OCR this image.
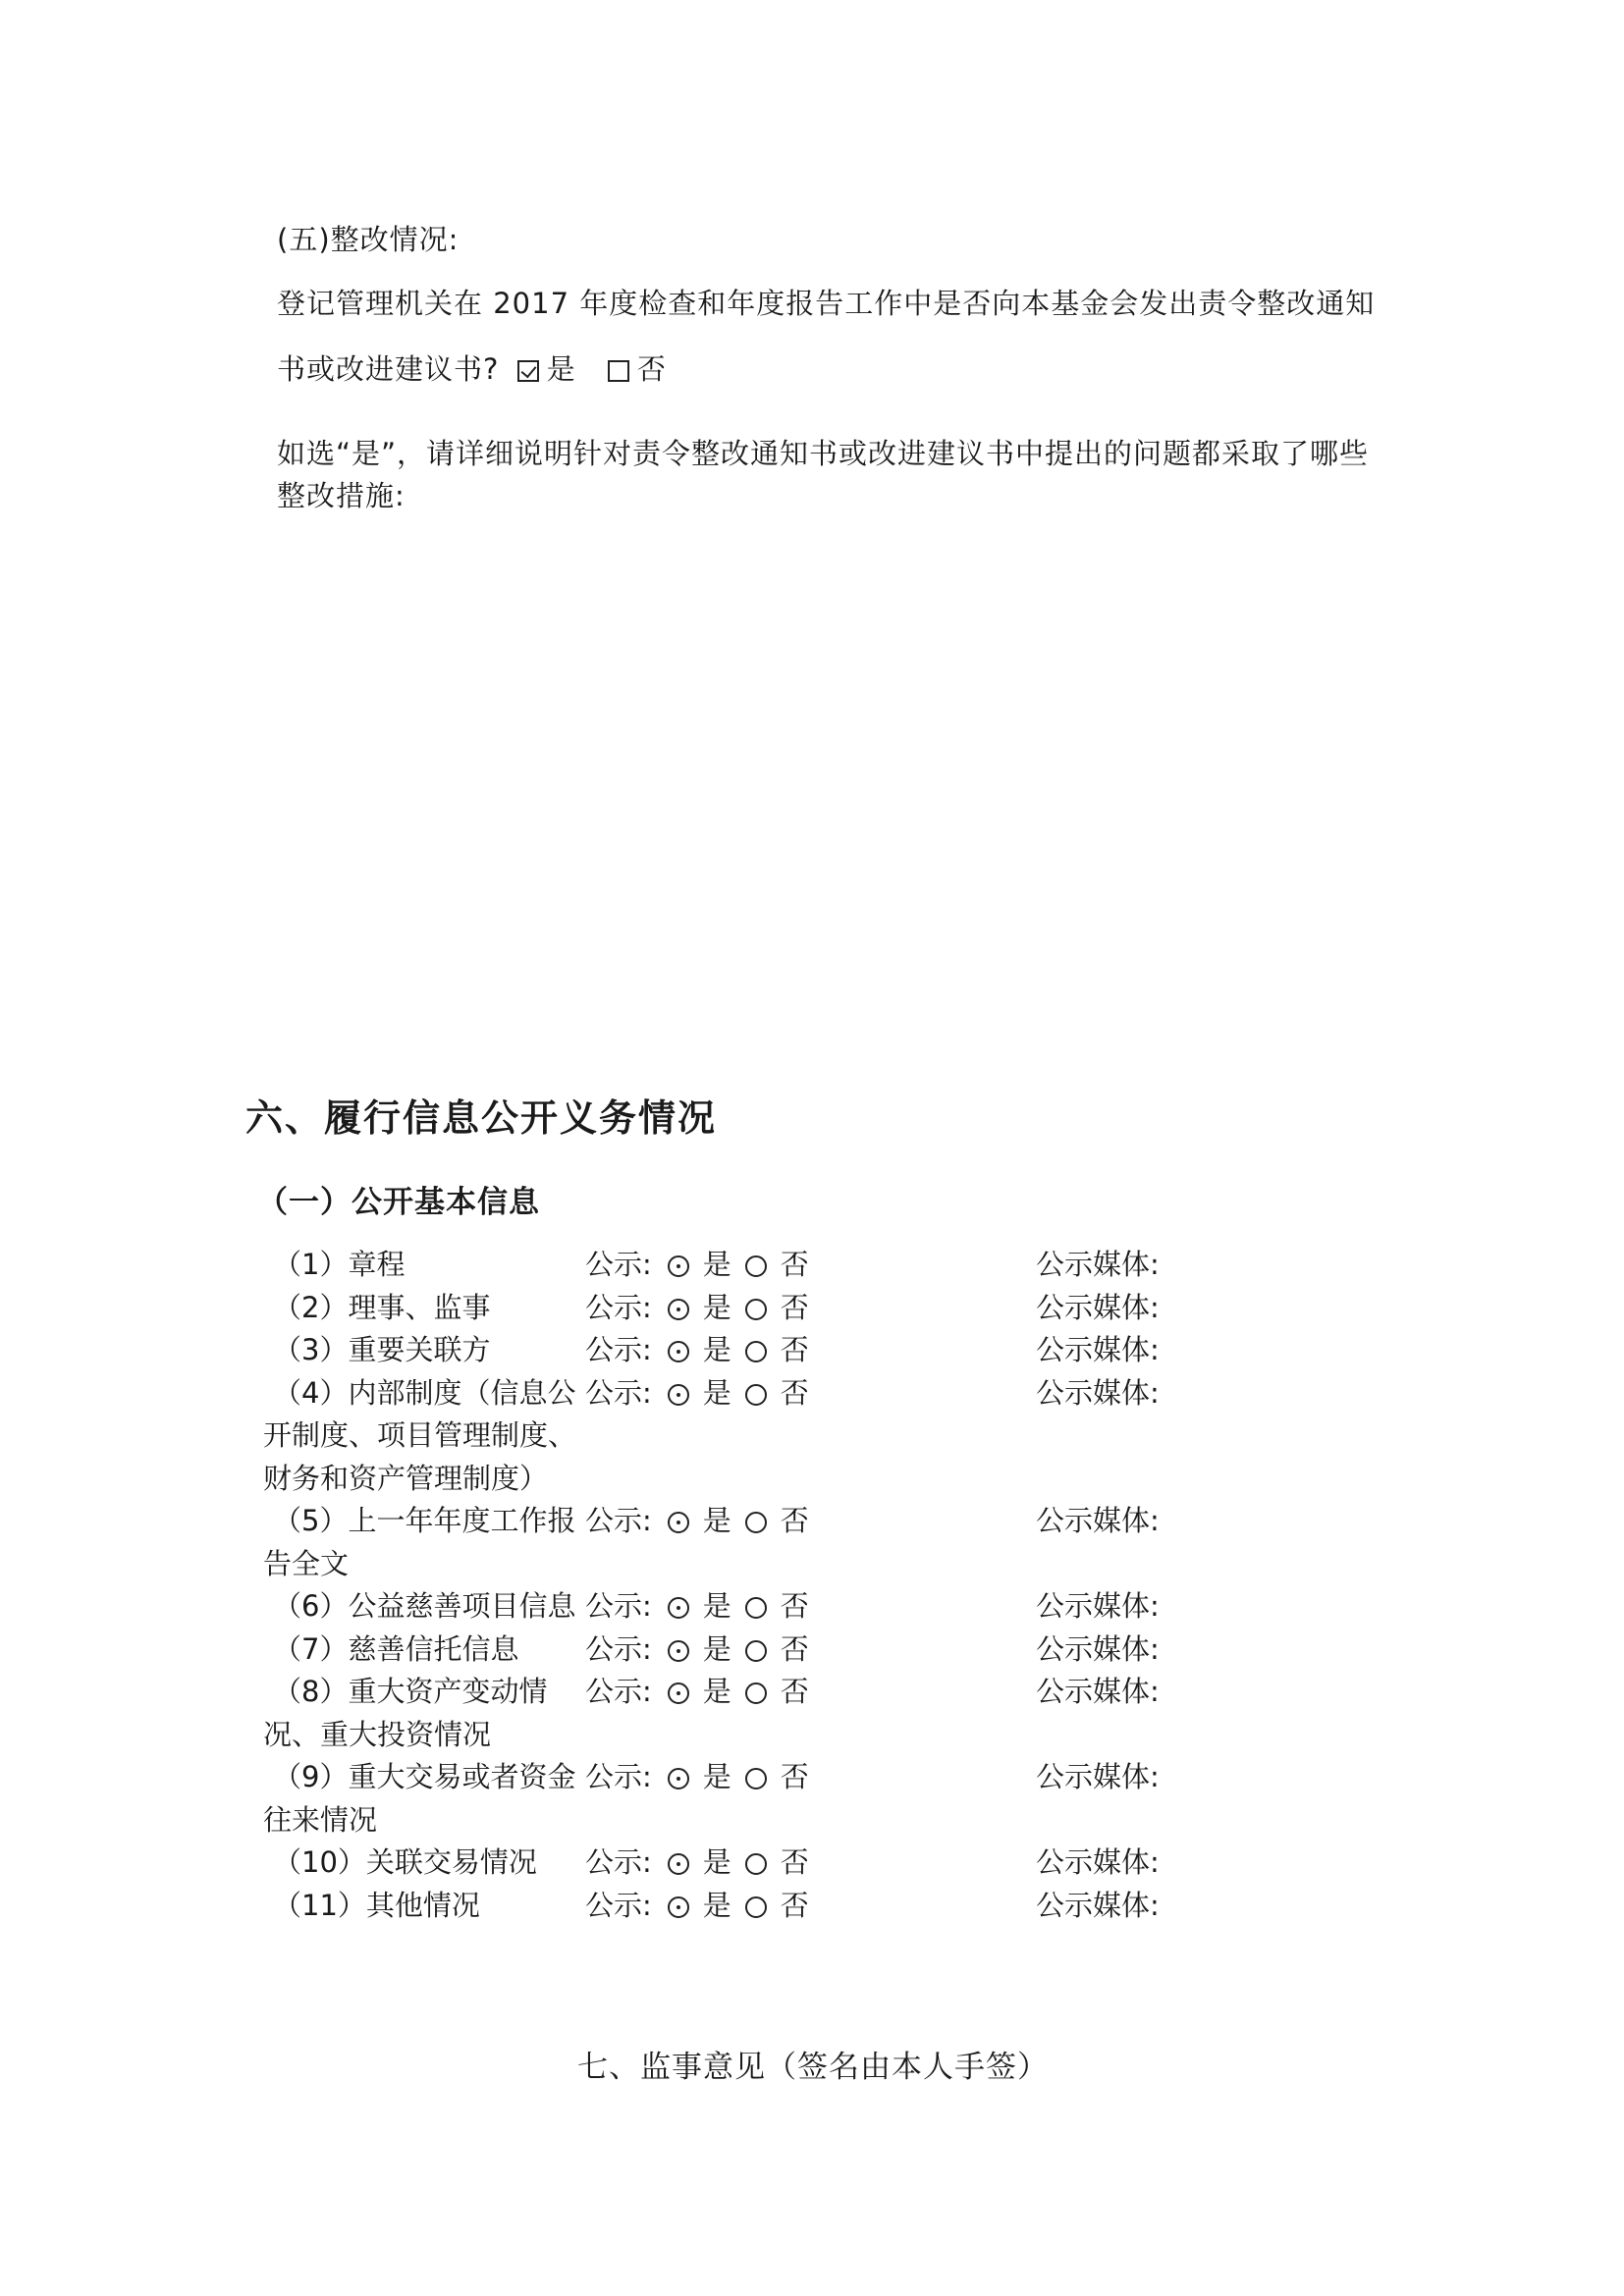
(五)整改情况:
登记管理机关在 2017 年度检查和年度报告工作中是否向本基金会发出责令整改通知
书或改进建议书? 是 否
如选“是”，请详细说明针对责令整改通知书或改进建议书中提出的问题都采取了哪些
整改措施:
六、履行信息公开义务情况
（一）公开基本信息
（1）章程	公示: 是 否	公示媒体:
（2）理事、监事	公示: 是 否	公示媒体:
（3）重要关联方	公示: 是 否	公示媒体:
（4）内部制度（信息公
开制度、项目管理制度、
财务和资产管理制度）
公示: 是 否	公示媒体:
（5）上一年年度工作报
告全文
公示: 是 否	公示媒体:
（6）公益慈善项目信息 公示: 是 否	公示媒体:
（7）慈善信托信息 公示: 是 否	公示媒体:
（8）重大资产变动情
况、重大投资情况
公示: 是 否	公示媒体:
（9）重大交易或者资金
往来情况
公示: 是 否	公示媒体:
（10）关联交易情况 公示: 是 否	公示媒体:
（11）其他情况	公示: 是 否	公示媒体:
七、监事意见（签名由本人手签）
